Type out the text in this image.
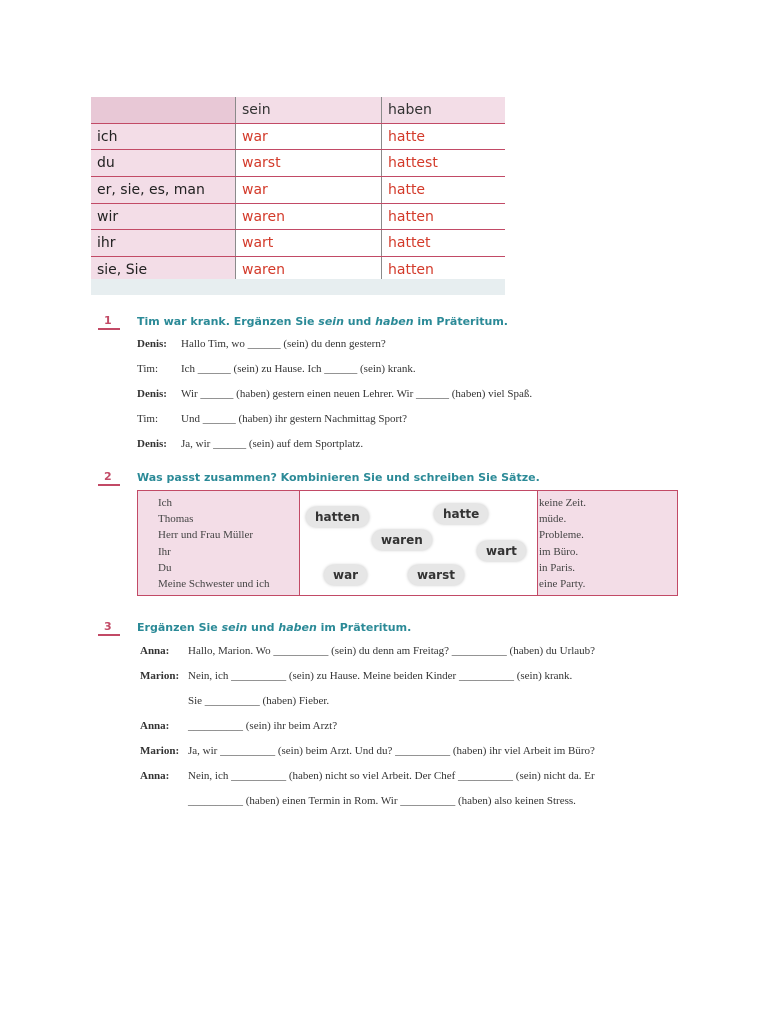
	sein	haben
ich	war	hatte
du	warst	hattest
er, sie, es, man	war	hatte
wir	waren	hatten
ihr	wart	hattet
sie, Sie	waren	hatten
1	Tim war krank. Ergänzen Sie sein und haben im Präteritum.
Denis: Hallo Tim, wo ______ (sein) du denn gestern?
Tim: Ich ______ (sein) zu Hause. Ich ______ (sein) krank.
Denis: Wir ______ (haben) gestern einen neuen Lehrer. Wir ______ (haben) viel Spaß.
Tim: Und ______ (haben) ihr gestern Nachmittag Sport?
Denis: Ja, wir ______ (sein) auf dem Sportplatz.
2	Was passt zusammen? Kombinieren Sie und schreiben Sie Sätze.
Ich
Thomas
Herr und Frau Müller
Ihr
Du
Meine Schwester und ich
hatten	hatte
waren
wart
war	warst
keine Zeit.
müde.
Probleme.
im Büro.
in Paris.
eine Party.
3	Ergänzen Sie sein und haben im Präteritum.
Anna: Hallo, Marion. Wo __________ (sein) du denn am Freitag? __________ (haben) du Urlaub?
Marion: Nein, ich __________ (sein) zu Hause. Meine beiden Kinder __________ (sein) krank.
Sie __________ (haben) Fieber.
Anna: __________ (sein) ihr beim Arzt?
Marion: Ja, wir __________ (sein) beim Arzt. Und du? __________ (haben) ihr viel Arbeit im Büro?
Anna: Nein, ich __________ (haben) nicht so viel Arbeit. Der Chef __________ (sein) nicht da. Er
__________ (haben) einen Termin in Rom. Wir __________ (haben) also keinen Stress.
